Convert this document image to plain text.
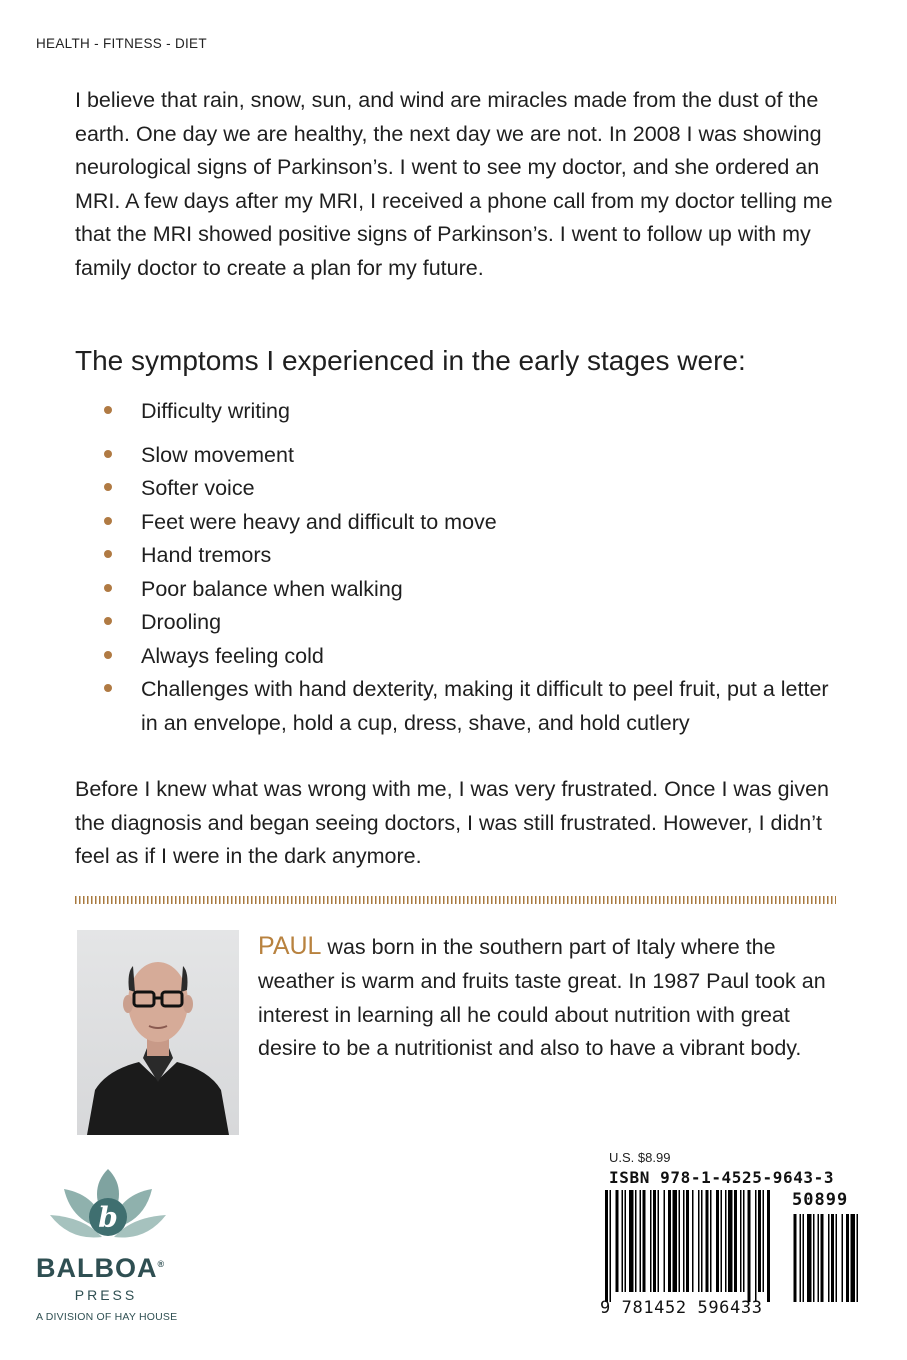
HEALTH - FITNESS - DIET

I believe that rain, snow, sun, and wind are miracles made from the dust of the earth. One day we are healthy, the next day we are not. In 2008 I was showing neurological signs of Parkinson’s. I went to see my doctor, and she ordered an MRI. A few days after my MRI, I received a phone call from my doctor telling me that the MRI showed positive signs of Parkinson’s. I went to follow up with my family doctor to create a plan for my future.

The symptoms I experienced in the early stages were:
Difficulty writing
Slow movement
Softer voice
Feet were heavy and difficult to move
Hand tremors
Poor balance when walking
Drooling
Always feeling cold
Challenges with hand dexterity, making it difficult to peel fruit, put a letter in an envelope, hold a cup, dress, shave, and hold cutlery

Before I knew what was wrong with me, I was very frustrated. Once I was given the diagnosis and began seeing doctors, I was still frustrated. However, I didn’t feel as if I were in the dark anymore.

PAUL was born in the southern part of Italy where the weather is warm and fruits taste great. In 1987 Paul took an interest in learning all he could about nutrition with great desire to be a nutritionist and also to have a vibrant body.

b
BALBOA®
PRESS
A DIVISION OF HAY HOUSE
U.S. $8.99
ISBN 978-1-4525-9643-3
50899
9 781452 596433
